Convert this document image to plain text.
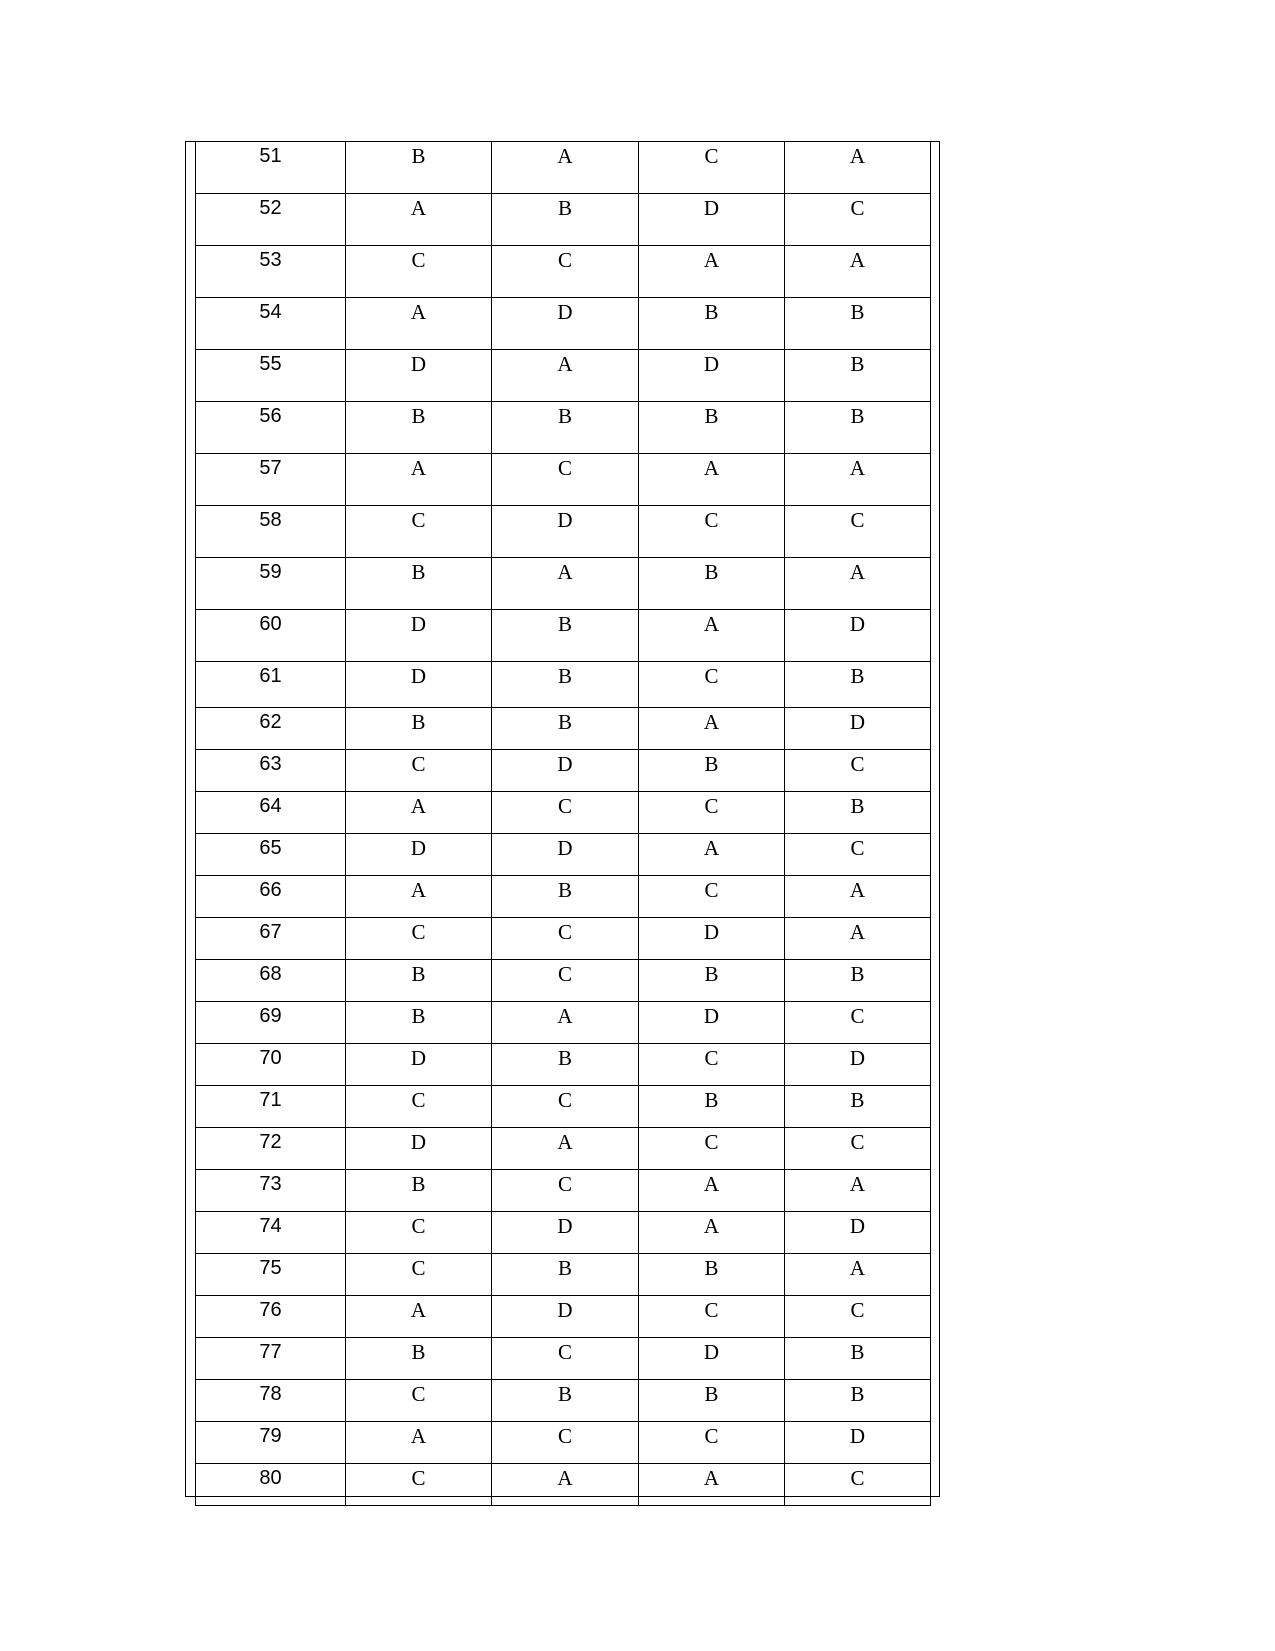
51	B	A	C	A
52	A	B	D	C
53	C	C	A	A
54	A	D	B	B
55	D	A	D	B
56	B	B	B	B
57	A	C	A	A
58	C	D	C	C
59	B	A	B	A
60	D	B	A	D
61	D	B	C	B
62	B	B	A	D
63	C	D	B	C
64	A	C	C	B
65	D	D	A	C
66	A	B	C	A
67	C	C	D	A
68	B	C	B	B
69	B	A	D	C
70	D	B	C	D
71	C	C	B	B
72	D	A	C	C
73	B	C	A	A
74	C	D	A	D
75	C	B	B	A
76	A	D	C	C
77	B	C	D	B
78	C	B	B	B
79	A	C	C	D
80	C	A	A	C
